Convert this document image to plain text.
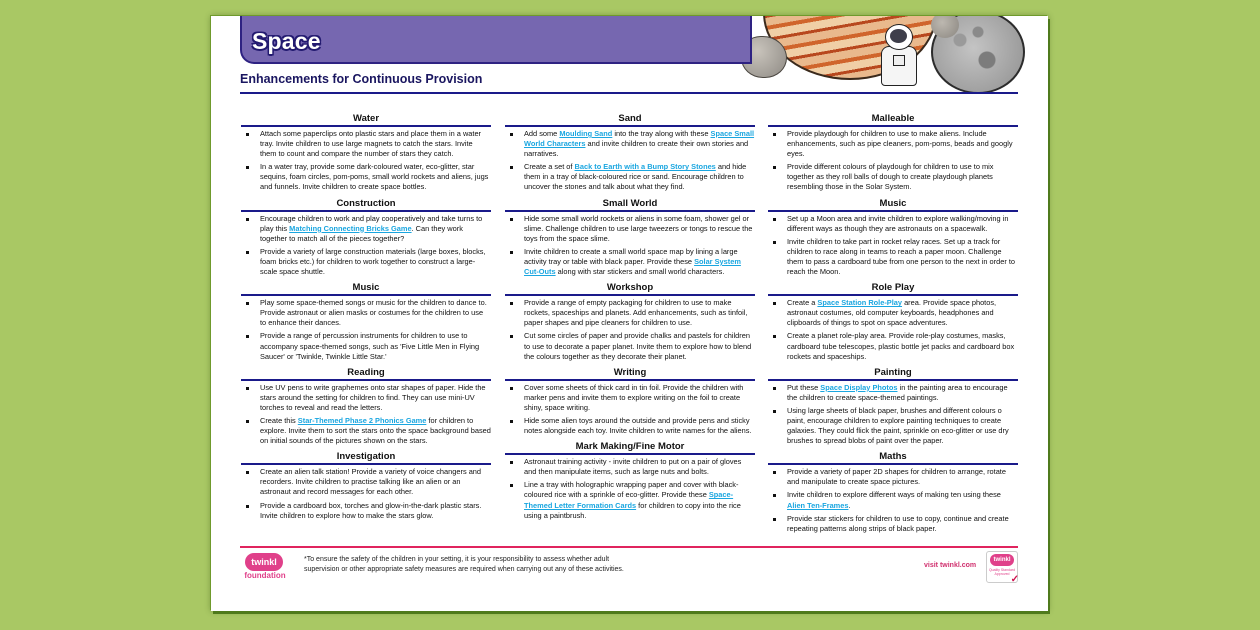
Space
Enhancements for Continuous Provision
Water
Attach some paperclips onto plastic stars and place them in a water tray. Invite children to use large magnets to catch the stars. Invite them to count and compare the number of stars they catch.
In a water tray, provide some dark-coloured water, eco-glitter, star sequins, foam circles, pom-poms, small world rockets and aliens, jugs and funnels. Invite children to create space bottles.
Construction
Encourage children to work and play cooperatively and take turns to play this Matching Connecting Bricks Game. Can they work together to match all of the pieces together?
Provide a variety of large construction materials (large boxes, blocks, foam bricks etc.) for children to work together to construct a large-scale space shuttle.
Music
Play some space-themed songs or music for the children to dance to. Provide astronaut or alien masks or costumes for the children to use to enhance their dances.
Provide a range of percussion instruments for children to use to accompany space-themed songs, such as 'Five Little Men in Flying Saucer' or 'Twinkle, Twinkle Little Star.'
Reading
Use UV pens to write graphemes onto star shapes of paper. Hide the stars around the setting for children to find. They can use mini-UV torches to reveal and read the letters.
Create this Star-Themed Phase 2 Phonics Game for children to explore. Invite them to sort the stars onto the space background based on initial sounds of the pictures shown on the stars.
Investigation
Create an alien talk station! Provide a variety of voice changers and recorders. Invite children to practise talking like an alien or an astronaut and record messages for each other.
Provide a cardboard box, torches and glow-in-the-dark plastic stars. Invite children to explore how to make the stars glow.
Sand
Add some Moulding Sand into the tray along with these Space Small World Characters and invite children to create their own stories and narratives.
Create a set of Back to Earth with a Bump Story Stones and hide them in a tray of black-coloured rice or sand. Encourage children to uncover the stones and talk about what they find.
Small World
Hide some small world rockets or aliens in some foam, shower gel or slime. Challenge children to use large tweezers or tongs to rescue the toys from the space slime.
Invite children to create a small world space map by lining a large activity tray or table with black paper. Provide these Solar System Cut-Outs along with star stickers and small world characters.
Workshop
Provide a range of empty packaging for children to use to make rockets, spaceships and planets. Add enhancements, such as tinfoil, paper shapes and pipe cleaners for children to use.
Cut some circles of paper and provide chalks and pastels for children to use to decorate a paper planet. Invite them to explore how to blend the colours together as they decorate their planet.
Writing
Cover some sheets of thick card in tin foil. Provide the children with marker pens and invite them to explore writing on the foil to create shiny, space writing.
Hide some alien toys around the outside and provide pens and sticky notes alongside each toy. Invite children to write names for the aliens.
Mark Making/Fine Motor
Astronaut training activity - invite children to put on a pair of gloves and then manipulate items, such as large nuts and bolts.
Line a tray with holographic wrapping paper and cover with black-coloured rice with a sprinkle of eco-glitter. Provide these Space-Themed Letter Formation Cards for children to copy into the rice using a paintbrush.
Malleable
Provide playdough for children to use to make aliens. Include enhancements, such as pipe cleaners, pom-poms, beads and googly eyes.
Provide different colours of playdough for children to use to mix together as they roll balls of dough to create playdough planets resembling those in the Solar System.
Music
Set up a Moon area and invite children to explore walking/moving in different ways as though they are astronauts on a spacewalk.
Invite children to take part in rocket relay races. Set up a track for children to race along in teams to reach a paper moon. Challenge them to pass a cardboard tube from one person to the next in order to reach the Moon.
Role Play
Create a Space Station Role-Play area. Provide space photos, astronaut costumes, old computer keyboards, headphones and clipboards of things to spot on space adventures.
Create a planet role-play area. Provide role-play costumes, masks, cardboard tube telescopes, plastic bottle jet packs and cardboard box rockets and spaceships.
Painting
Put these Space Display Photos in the painting area to encourage the children to create space-themed paintings.
Using large sheets of black paper, brushes and different colours o paint, encourage children to explore painting techniques to create galaxies. They could flick the paint, sprinkle on eco-glitter or use dry brushes to spread blobs of paint over the paper.
Maths
Provide a variety of paper 2D shapes for children to arrange, rotate and manipulate to create space pictures.
Invite children to explore different ways of making ten using these Alien Ten-Frames.
Provide star stickers for children to use to copy, continue and create repeating patterns along strips of black paper.
twinkl
foundation
*To ensure the safety of the children in your setting, it is your responsibility to assess whether adult supervision or other appropriate safety measures are required when carrying out any of these activities.	visit twinkl.com
twinkl
Quality Standard Approved ✓
